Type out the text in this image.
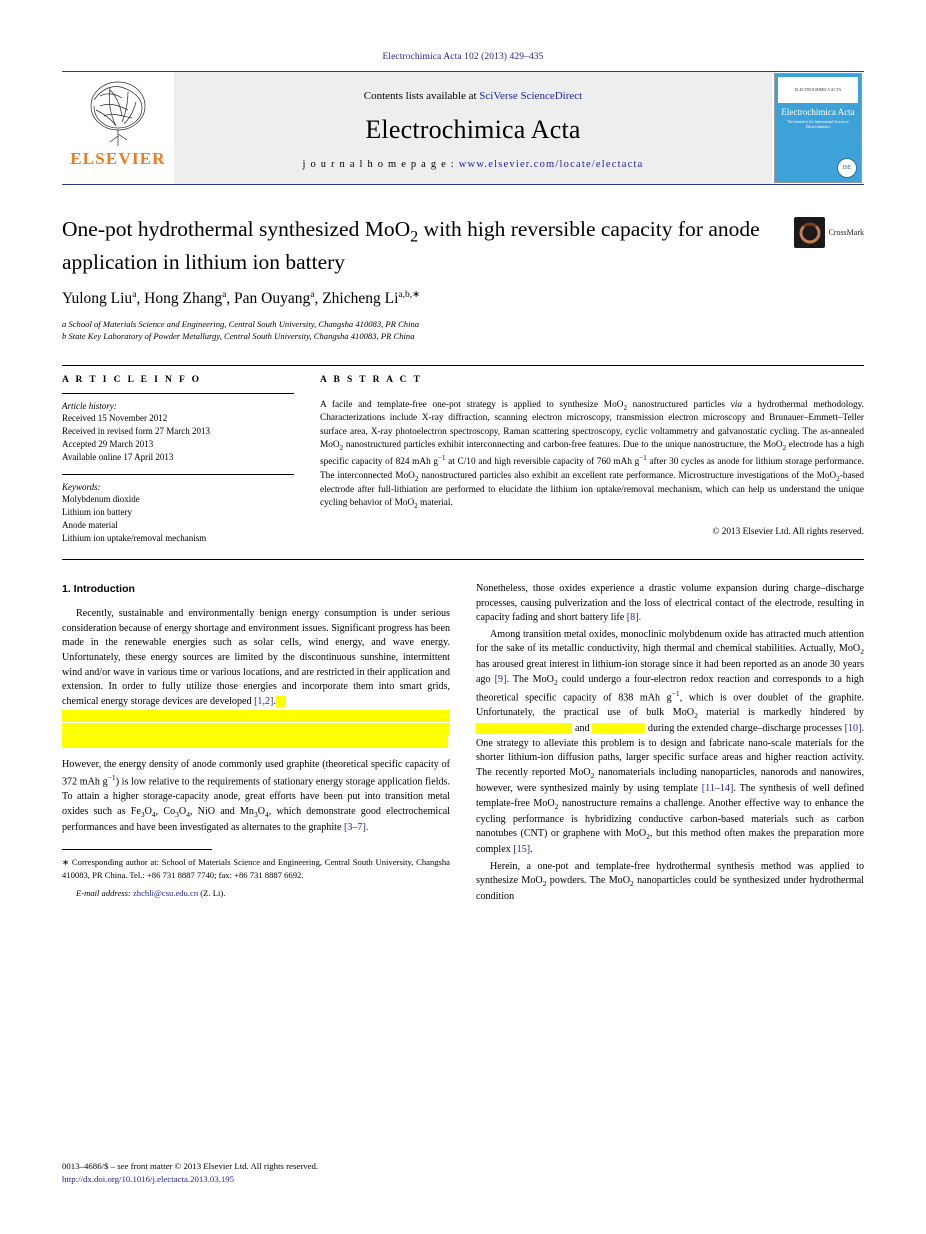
Electrochimica Acta 102 (2013) 429–435
ELSEVIER
Contents lists available at SciVerse ScienceDirect
Electrochimica Acta
j o u r n a l h o m e p a g e : www.elsevier.com/locate/electacta
ELECTROCHIMICA ACTA
Electrochimica Acta
The Journal of the International Society of Electrochemistry
ISE
One-pot hydrothermal synthesized MoO$_2$ with high reversible capacity for anode application in lithium ion battery
CrossMark
Yulong Liu$^a$, Hong Zhang$^a$, Pan Ouyang$^a$, Zhicheng $Li^{a,b,∗}$
a School of Materials Science and Engineering, Central South University, Changsha 410083, PR China
b State Key Laboratory of Powder Metallurgy, Central South University, Changsha 410083, PR China
A R T I C L E I N F O
Article history:
Received 15 November 2012
Received in revised form 27 March 2013
Accepted 29 March 2013
Available online 17 April 2013
Keywords:
Molybdenum dioxide
Lithium ion battery
Anode material
Lithium ion uptake/removal mechanism
A B S T R A C T
A facile and template-free one-pot strategy is applied to synthesize MoO$_2$ nanostructured particles via a hydrothermal methodology. Characterizations include X-ray diffraction, scanning electron microscopy, transmission electron microscopy and Brunauer–Emmett–Teller surface area, X-ray photoelectron spectroscopy, Raman scattering spectroscopy, cyclic voltammetry and galvanostatic cycling. The as-annealed MoO$_2$ nanostructured particles exhibit interconnecting and carbon-free features. Due to the unique nanostructure, the MoO$_2$ electrode has a high specific capacity of 824 mAh $g^{-1}$ at C/10 and high reversible capacity of 760 mAh $g^{-1}$ after 30 cycles as anode for lithium storage performance. The interconnected MoO$_2$ nanostructured particles also exhibit an excellent rate performance. Microstructure investigations of the MoO$_2$-based electrode after full-lithiation are performed to elucidate the lithium ion uptake/removal mechanism, which can help us understand the unique cycling behavior of MoO$_2$ material.
© 2013 Elsevier Ltd. All rights reserved.
1. Introduction

Recently, sustainable and environmentally benign energy consumption is under serious consideration because of energy shortage and environment issues. Significant progress has been made in the renewable energies such as solar cells, wind energy, and wave energy. Unfortunately, these energy sources are limited by the discontinuous sunshine, intermittent wind and/or wave in various time or various locations, and are restricted in their application and extension. In order to fully utilize those energies and incorporate them into smart grids, chemical energy storage devices are developed [1,2].

However, the energy density of anode commonly used graphite (theoretical specific capacity of 372 mAh $g^{-1}$) is low relative to the requirements of stationary energy storage application fields. To attain a higher storage-capacity anode, great efforts have been put into transition metal oxides such as $Fe_3O_4$, $Co_3O_4$, NiO and $Mn_3O_4$, which demonstrate good electrochemical performances and have been investigated as alternates to the graphite [3–7].

∗ Corresponding author at: School of Materials Science and Engineering, Central South University, Changsha 410083, PR China. Tel.: +86 731 8887 7740; fax: +86 731 8887 6692.
E-mail address: zhchli@csu.edu.cn (Z. Li).

Nonetheless, those oxides experience a drastic volume expansion during charge–discharge processes, causing pulverization and the loss of electrical contact of the electrode, resulting in capacity fading and short battery life [8].

Among transition metal oxides, monoclinic molybdenum oxide has attracted much attention for the sake of its metallic conductivity, high thermal and chemical stabilities. Actually, MoO$_2$ has aroused great interest in lithium-ion storage since it had been reported as an anode 30 years ago [9]. The MoO$_2$ could undergo a four-electron redox reaction and corresponds to a high theoretical specific capacity of 838 mAh $g^{-1}$, which is over doublet of the graphite. Unfortunately, the practical use of bulk MoO$_2$ material is markedly hindered by                                        and	during the extended charge–discharge processes [10]. One strategy to alleviate this problem is to design and fabricate nano-scale materials for the shorter lithium-ion diffusion paths, larger specific surface areas and higher reaction activity. The recently reported MoO$_2$ nanomaterials including nanoparticles, nanorods and nanowires, however, were synthesized mainly by using template [11–14]. The synthesis of well defined template-free MoO$_2$ nanostructure remains a challenge. Another effective way to enhance the cycling performance is hybridizing conductive carbon-based materials such as carbon nanotubes (CNT) or graphene with MoO$_2$, but this method often makes the preparation more complex [15].

Herein, a one-pot and template-free hydrothermal synthesis method was applied to synthesize MoO$_2$ powders. The MoO$_2$ nanoparticles could be synthesized under hydrothermal condition

0013–4686/$ – see front matter © 2013 Elsevier Ltd. All rights reserved.
http://dx.doi.org/10.1016/j.electacta.2013.03.195
